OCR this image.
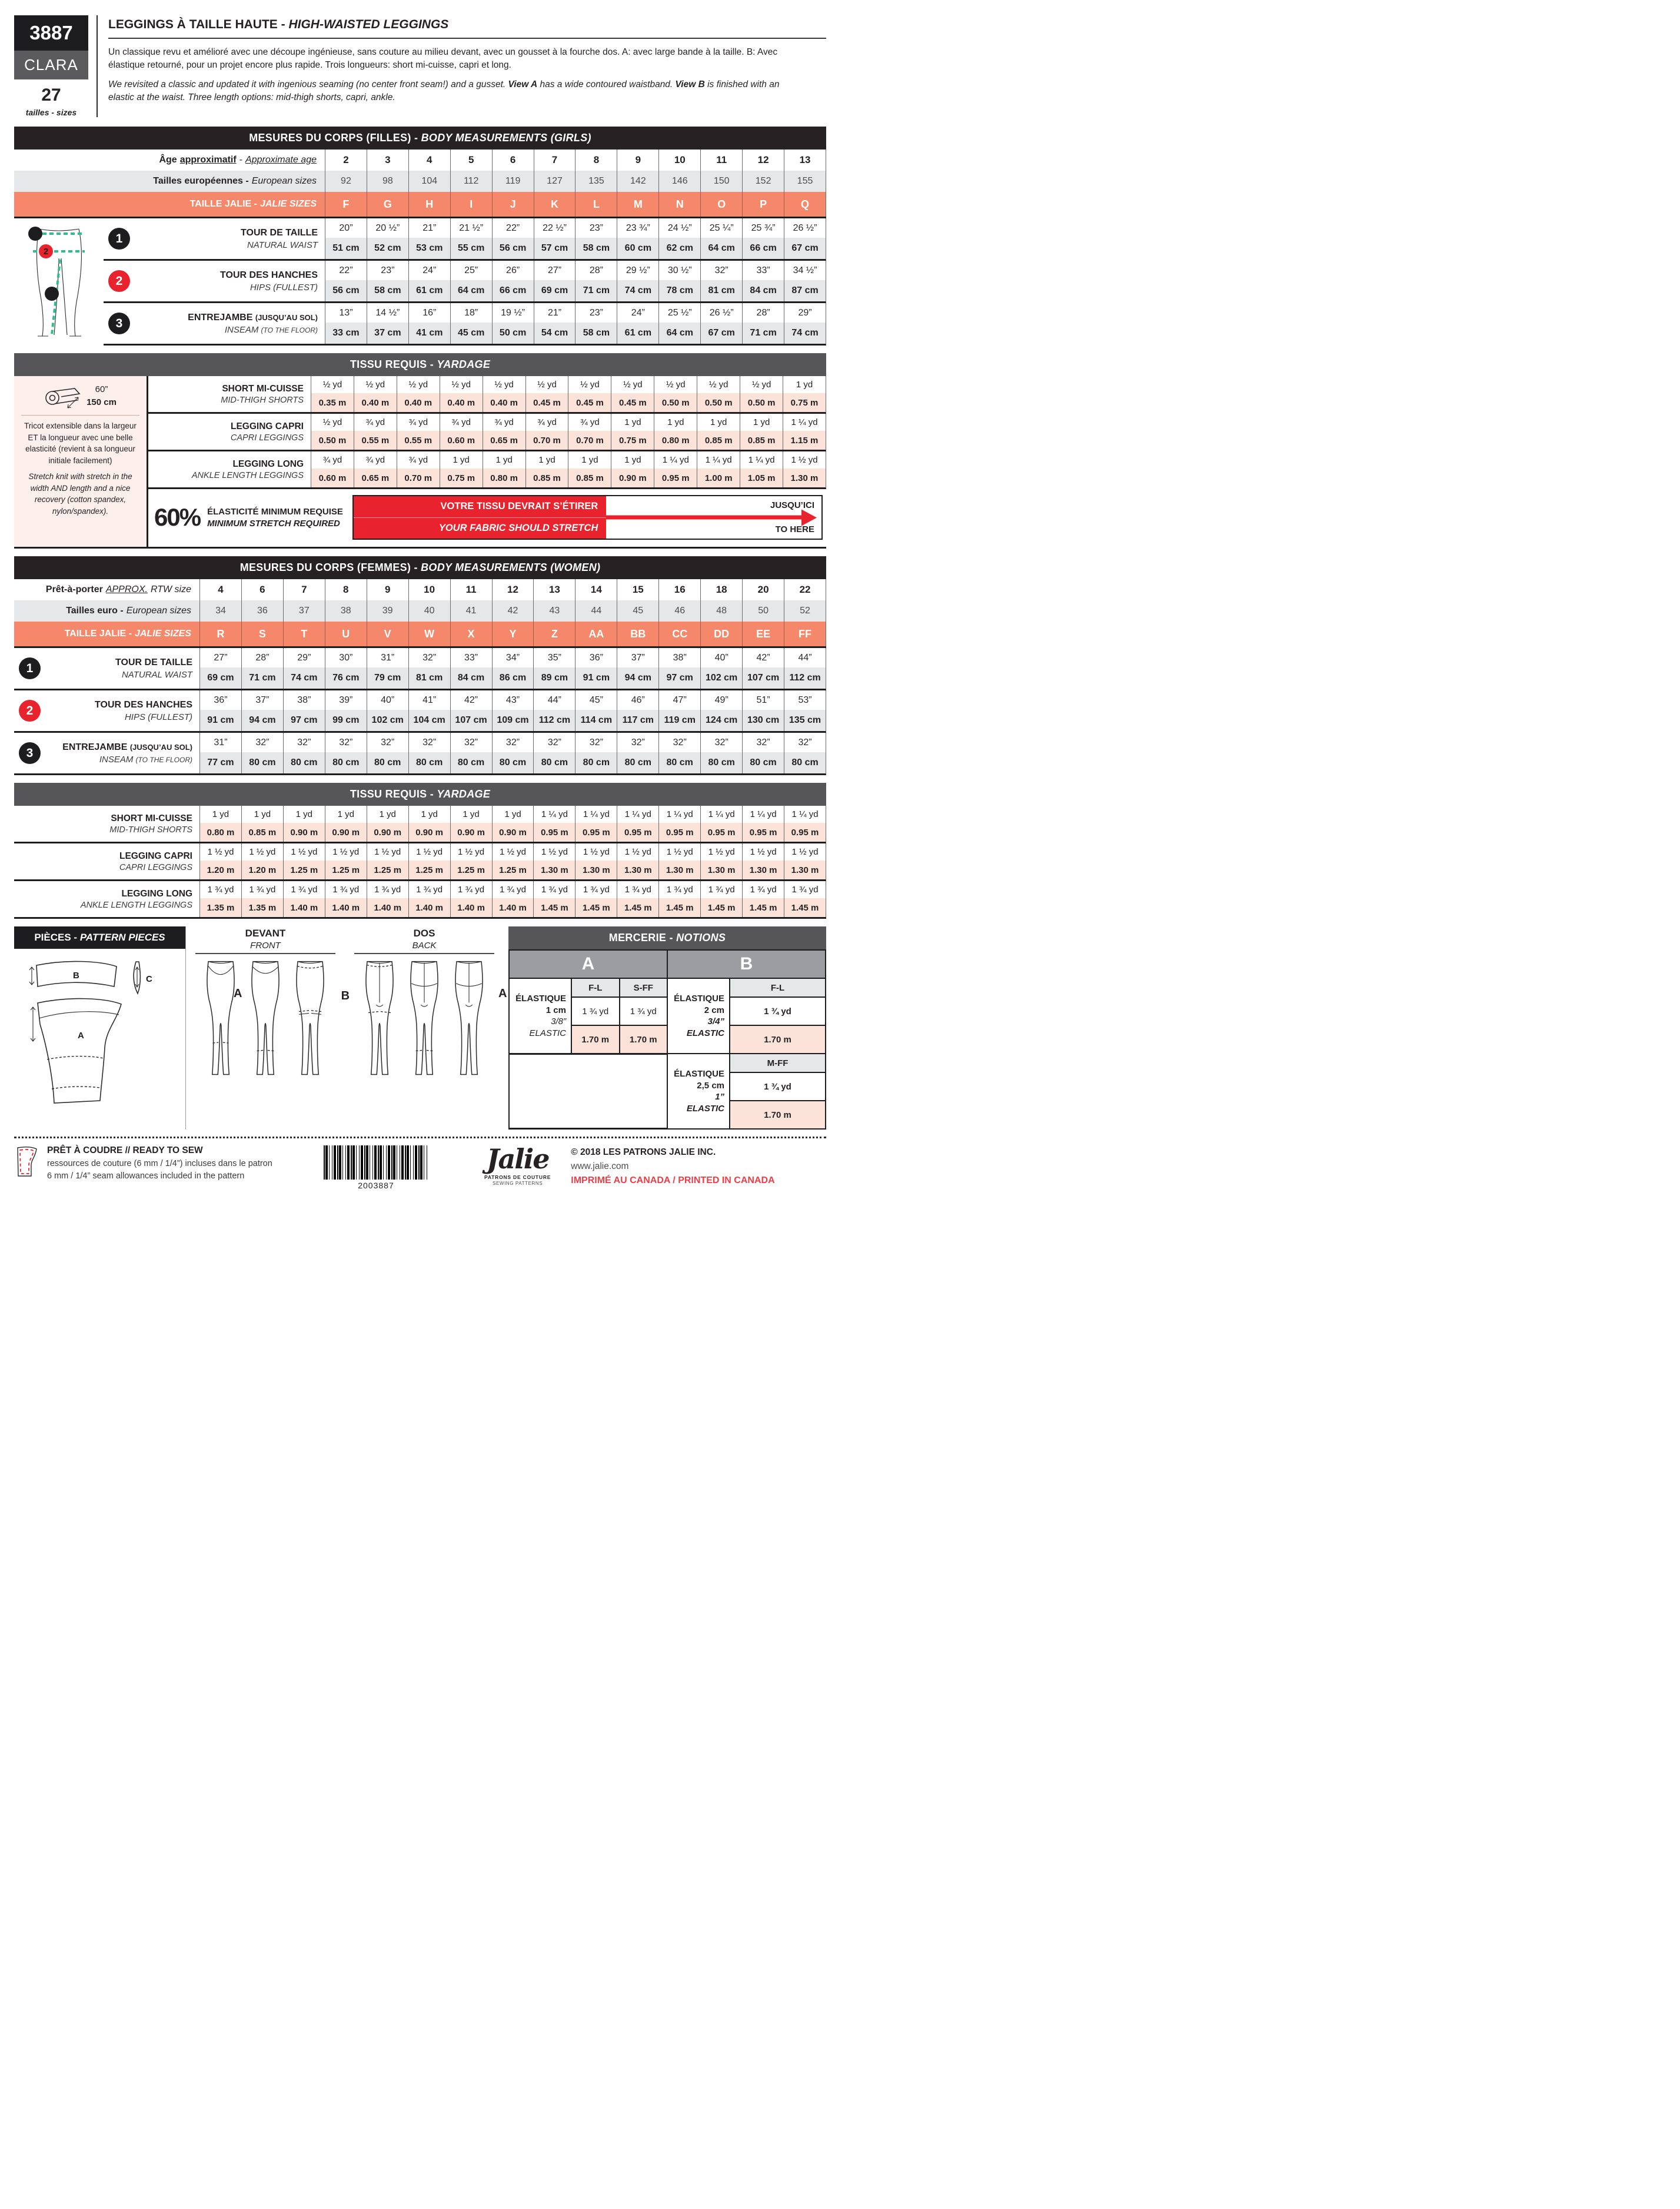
3887
CLARA
27
tailles - sizes
LEGGINGS À TAILLE HAUTE - HIGH-WAISTED LEGGINGS
Un classique revu et amélioré avec une découpe ingénieuse, sans couture au milieu devant, avec un gousset à la fourche dos. A: avec large bande à la taille. B: Avec élastique retourné, pour un projet encore plus rapide. Trois longueurs: short mi-cuisse, capri et long.
We revisited a classic and updated it with ingenious seaming (no center front seam!) and a gusset. View A has a wide contoured waistband. View B is finished with an elastic at the waist. Three length options: mid-thigh shorts, capri, ankle.
MESURES DU CORPS (FILLES) - BODY MEASUREMENTS (GIRLS)
Âge approximatif - Approximate age	2	3	4	5	6	7	8	9	10	11	12	13
Tailles européennes - European sizes	92	98	104	112	119	127	135	142	146	150	152	155
TAILLE JALIE - JALIE SIZES	F	G	H	I	J	K	L	M	N	O	P	Q
1
2
3
1	TOUR DE TAILLE
NATURAL WAIST
20”	20 ½”	21”	21 ½”	22”	22 ½”	23”	23 ¾”	24 ½”	25 ¼”	25 ¾”	26 ½”
51 cm	52 cm	53 cm	55 cm	56 cm	57 cm	58 cm	60 cm	62 cm	64 cm	66 cm	67 cm
2	TOUR DES HANCHES
HIPS (FULLEST)
22”	23”	24”	25”	26”	27”	28”	29 ½”	30 ½”	32”	33”	34 ½”
56 cm	58 cm	61 cm	64 cm	66 cm	69 cm	71 cm	74 cm	78 cm	81 cm	84 cm	87 cm
3	ENTREJAMBE (JUSQU’AU SOL)
INSEAM (TO THE FLOOR)
13”	14 ½”	16”	18”	19 ½”	21”	23”	24”	25 ½”	26 ½”	28”	29”
33 cm	37 cm	41 cm	45 cm	50 cm	54 cm	58 cm	61 cm	64 cm	67 cm	71 cm	74 cm
TISSU REQUIS - YARDAGE
60”
150 cm
Tricot extensible dans la largeur ET la longueur avec une belle elasticité (revient à sa longueur initiale facilement)
Stretch knit with stretch in the width AND length and a nice recovery (cotton spandex, nylon/spandex).
SHORT MI-CUISSE
MID-THIGH SHORTS
½ yd	½ yd	½ yd	½ yd	½ yd	½ yd	½ yd	½ yd	½ yd	½ yd	½ yd	1 yd
0.35 m	0.40 m	0.40 m	0.40 m	0.40 m	0.45 m	0.45 m	0.45 m	0.50 m	0.50 m	0.50 m	0.75 m
LEGGING CAPRI
CAPRI LEGGINGS
½ yd	¾ yd	¾ yd	¾ yd	¾ yd	¾ yd	¾ yd	1 yd	1 yd	1 yd	1 yd	1 ¼ yd
0.50 m	0.55 m	0.55 m	0.60 m	0.65 m	0.70 m	0.70 m	0.75 m	0.80 m	0.85 m	0.85 m	1.15 m
LEGGING LONG
ANKLE LENGTH LEGGINGS
¾ yd	¾ yd	¾ yd	1 yd	1 yd	1 yd	1 yd	1 yd	1 ¼ yd	1 ¼ yd	1 ¼ yd	1 ½ yd
0.60 m	0.65 m	0.70 m	0.75 m	0.80 m	0.85 m	0.85 m	0.90 m	0.95 m	1.00 m	1.05 m	1.30 m
60% ÉLASTICITÉ MINIMUM REQUISE
MINIMUM STRETCH REQUIRED
VOTRE TISSU DEVRAIT S’ÉTIRER
YOUR FABRIC SHOULD STRETCH
JUSQU’ICI
TO HERE
MESURES DU CORPS (FEMMES) - BODY MEASUREMENTS (WOMEN)
Prêt-à-porter APPROX. RTW size	4	6	7	8	9	10	11	12	13	14	15	16	18	20	22
Tailles euro - European sizes	34	36	37	38	39	40	41	42	43	44	45	46	48	50	52
TAILLE JALIE - JALIE SIZES	R	S	T	U	V	W	X	Y	Z	AA	BB	CC	DD	EE	FF
1	TOUR DE TAILLE
NATURAL WAIST
27”	28”	29”	30”	31”	32”	33”	34”	35”	36”	37”	38”	40”	42”	44”
69 cm	71 cm	74 cm	76 cm	79 cm	81 cm	84 cm	86 cm	89 cm	91 cm	94 cm	97 cm	102 cm	107 cm	112 cm
2	TOUR DES HANCHES
HIPS (FULLEST)
36”	37”	38”	39”	40”	41”	42”	43”	44”	45”	46”	47”	49”	51”	53”
91 cm	94 cm	97 cm	99 cm	102 cm	104 cm	107 cm	109 cm	112 cm	114 cm	117 cm	119 cm	124 cm	130 cm	135 cm
3	ENTREJAMBE (JUSQU’AU SOL)
INSEAM (TO THE FLOOR)
31”	32”	32”	32”	32”	32”	32”	32”	32”	32”	32”	32”	32”	32”	32”
77 cm	80 cm	80 cm	80 cm	80 cm	80 cm	80 cm	80 cm	80 cm	80 cm	80 cm	80 cm	80 cm	80 cm	80 cm
TISSU REQUIS - YARDAGE
SHORT MI-CUISSE
MID-THIGH SHORTS
1 yd	1 yd	1 yd	1 yd	1 yd	1 yd	1 yd	1 yd	1 ¼ yd	1 ¼ yd	1 ¼ yd	1 ¼ yd	1 ¼ yd	1 ¼ yd	1 ¼ yd
0.80 m	0.85 m	0.90 m	0.90 m	0.90 m	0.90 m	0.90 m	0.90 m	0.95 m	0.95 m	0.95 m	0.95 m	0.95 m	0.95 m	0.95 m
LEGGING CAPRI
CAPRI LEGGINGS
1 ½ yd	1 ½ yd	1 ½ yd	1 ½ yd	1 ½ yd	1 ½ yd	1 ½ yd	1 ½ yd	1 ½ yd	1 ½ yd	1 ½ yd	1 ½ yd	1 ½ yd	1 ½ yd	1 ½ yd
1.20 m	1.20 m	1.25 m	1.25 m	1.25 m	1.25 m	1.25 m	1.25 m	1.30 m	1.30 m	1.30 m	1.30 m	1.30 m	1.30 m	1.30 m
LEGGING LONG
ANKLE LENGTH LEGGINGS
1 ¾ yd	1 ¾ yd	1 ¾ yd	1 ¾ yd	1 ¾ yd	1 ¾ yd	1 ¾ yd	1 ¾ yd	1 ¾ yd	1 ¾ yd	1 ¾ yd	1 ¾ yd	1 ¾ yd	1 ¾ yd	1 ¾ yd
1.35 m	1.35 m	1.40 m	1.40 m	1.40 m	1.40 m	1.40 m	1.40 m	1.45 m	1.45 m	1.45 m	1.45 m	1.45 m	1.45 m	1.45 m
PIÈCES - PATTERN PIECES
B	C
A
DEVANT
FRONT
A	B
DOS
BACK
A
MERCERIE - NOTIONS
A	B
ÉLASTIQUE
1 cm
3/8”
ELASTIC
F-L	S-FF
1 ¾ yd	1 ¾ yd
1.70 m	1.70 m
ÉLASTIQUE
2 cm
3/4”
ELASTIC
F-L
1 ¾ yd
1.70 m
ÉLASTIQUE
2,5 cm
1”
ELASTIC
M-FF
1 ¾ yd
1.70 m
PRÊT À COUDRE // READY TO SEW
ressources de couture (6 mm / 1/4”) incluses dans le patron
6 mm / 1/4” seam allowances included in the pattern
2003887
Jalie
PATRONS DE COUTURE
SEWING PATTERNS
© 2018 LES PATRONS JALIE INC.
www.jalie.com
IMPRIMÉ AU CANADA / PRINTED IN CANADA
